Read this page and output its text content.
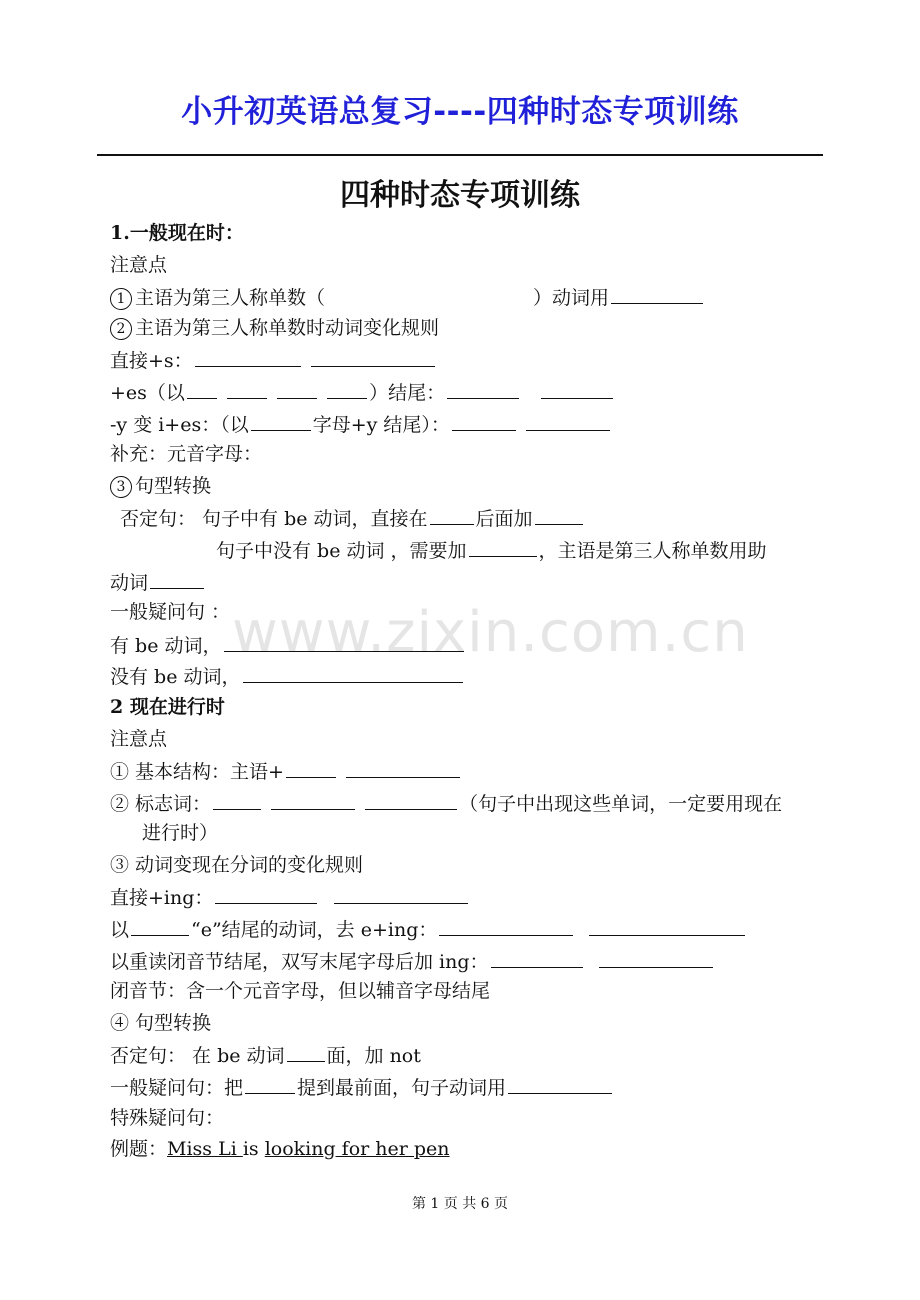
小升初英语总复习----四种时态专项训练
四种时态专项训练
1.一般现在时：
注意点
1 主语为第三人称单数（	）动词用
2 主语为第三人称单数时动词变化规则
直接+s：
+es（以	）结尾：
-y 变 i+es：（以	字母+y 结尾）：
补充：元音字母：
3 句型转换
否定句： 句子中有 be 动词，直接在	后面加
句子中没有 be 动词 ，需要加	，主语是第三人称单数用助
动词
一般疑问句 ：
有 be 动词，
没有 be 动词，
2 现在进行时
注意点
① 基本结构：主语+
② 标志词：	（句子中出现这些单词，一定要用现在
进行时）
③ 动词变现在分词的变化规则
直接+ing：
以	“e”结尾的动词，去 e+ing：
以重读闭音节结尾，双写末尾字母后加 ing：
闭音节：含一个元音字母，但以辅音字母结尾
④ 句型转换
否定句： 在 be 动词 面，加 not
一般疑问句：把	提到最前面，句子动词用
特殊疑问句：
例题：Miss Li is looking for her pen
www.zixin.com.cn
第 1 页 共 6 页
